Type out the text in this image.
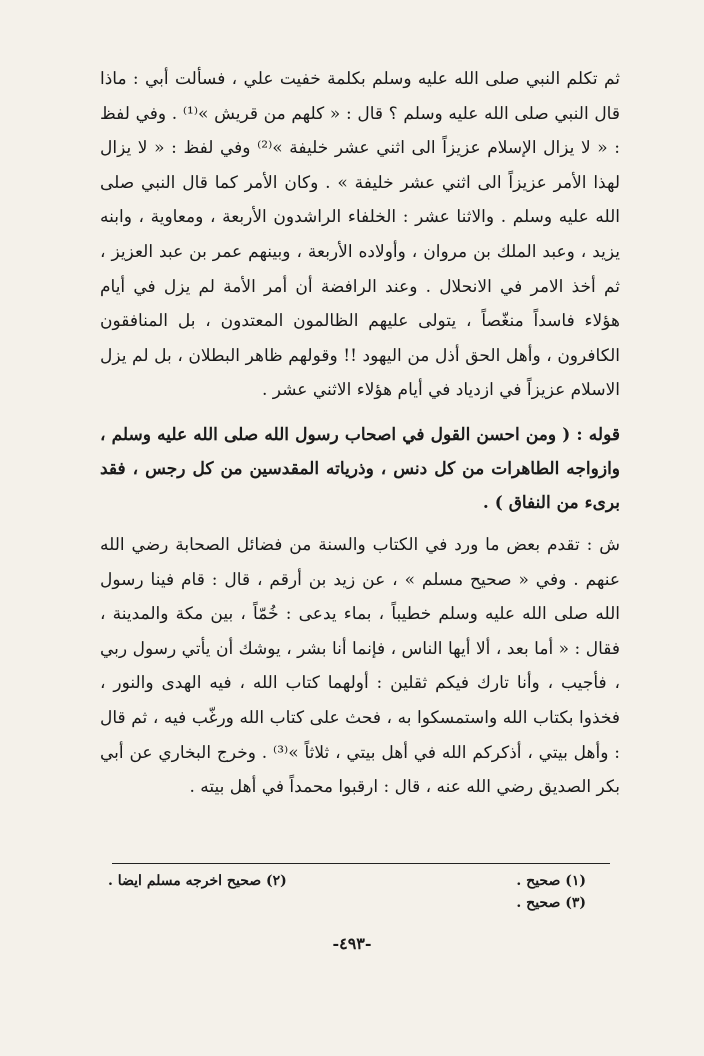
ثم تكلم النبي صلى الله عليه وسلم بكلمة خفيت علي ، فسألت أبي : ماذا قال النبي صلى الله عليه وسلم ؟ قال : « كلهم من قريش »⁽¹⁾ . وفي لفظ : « لا يزال الإسلام عزيزاً الى اثني عشر خليفة »⁽²⁾ وفي لفظ : « لا يزال لهذا الأمر عزيزاً الى اثني عشر خليفة » . وكان الأمر كما قال النبي صلى الله عليه وسلم . والاثنا عشر : الخلفاء الراشدون الأربعة ، ومعاوية ، وابنه يزيد ، وعبد الملك بن مروان ، وأولاده الأربعة ، وبينهم عمر بن عبد العزيز ، ثم أخذ الامر في الانحلال . وعند الرافضة أن أمر الأمة لم يزل في أيام هؤلاء فاسداً منغّصاً ، يتولى عليهم الظالمون المعتدون ، بل المنافقون الكافرون ، وأهل الحق أذل من اليهود !! وقولهم ظاهر البطلان ، بل لم يزل الاسلام عزيزاً في ازدياد في أيام هؤلاء الاثني عشر .

قوله : ( ومن احسن القول في اصحاب رسول الله صلى الله عليه وسلم ، وازواجه الطاهرات من كل دنس ، وذرياته المقدسين من كل رجس ، فقد برىء من النفاق ) .

ش : تقدم بعض ما ورد في الكتاب والسنة من فضائل الصحابة رضي الله عنهم . وفي « صحيح مسلم » ، عن زيد بن أرقم ، قال : قام فينا رسول الله صلى الله عليه وسلم خطيباً ، بماء يدعى : خُمّاً ، بين مكة والمدينة ، فقال : « أما بعد ، ألا أيها الناس ، فإنما أنا بشر ، يوشك أن يأتي رسول ربي ، فأجيب ، وأنا تارك فيكم ثقلين : أولهما كتاب الله ، فيه الهدى والنور ، فخذوا بكتاب الله واستمسكوا به ، فحث على كتاب الله ورغّب فيه ، ثم قال : وأهل بيتي ، أذكركم الله في أهل بيتي ، ثلاثاً »⁽³⁾ . وخرج البخاري عن أبي بكر الصديق رضي الله عنه ، قال : ارقبوا محمداً في أهل بيته .

(١) صحيح .
(٢) صحيح اخرجه مسلم ايضا .
(٣) صحيح .
-٤٩٣-
